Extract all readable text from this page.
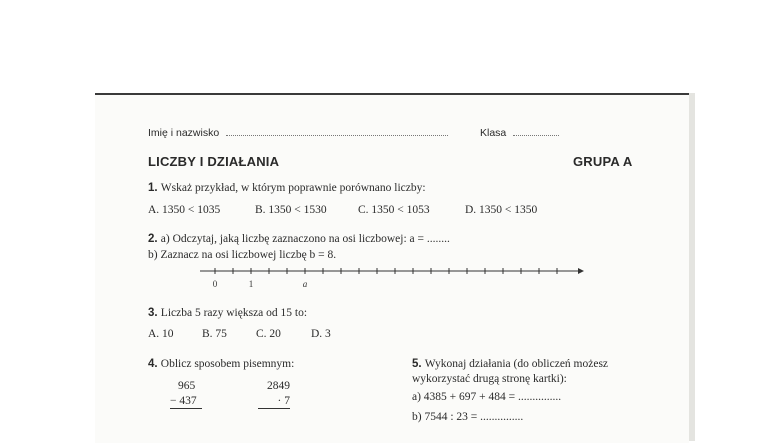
Imię i nazwisko	Klasa
LICZBY I DZIAŁANIA	GRUPA A
1. Wskaż przykład, w którym poprawnie porównano liczby:
A. 1350 < 1035	B. 1350 < 1530	C. 1350 < 1053	D. 1350 < 1350
2. a) Odczytaj, jaką liczbę zaznaczono na osi liczbowej: a = ........
b) Zaznacz na osi liczbowej liczbę b = 8.
0	1	a
3. Liczba 5 razy większa od 15 to:
A. 10 B. 75	C. 20	D. 3
4. Oblicz sposobem pisemnym:
965
− 437
2849
· 7
5. Wykonaj działania (do obliczeń możesz
wykorzystać drugą stronę kartki):
a) 4385 + 697 + 484 = ...............
b) 7544 : 23 = ...............
